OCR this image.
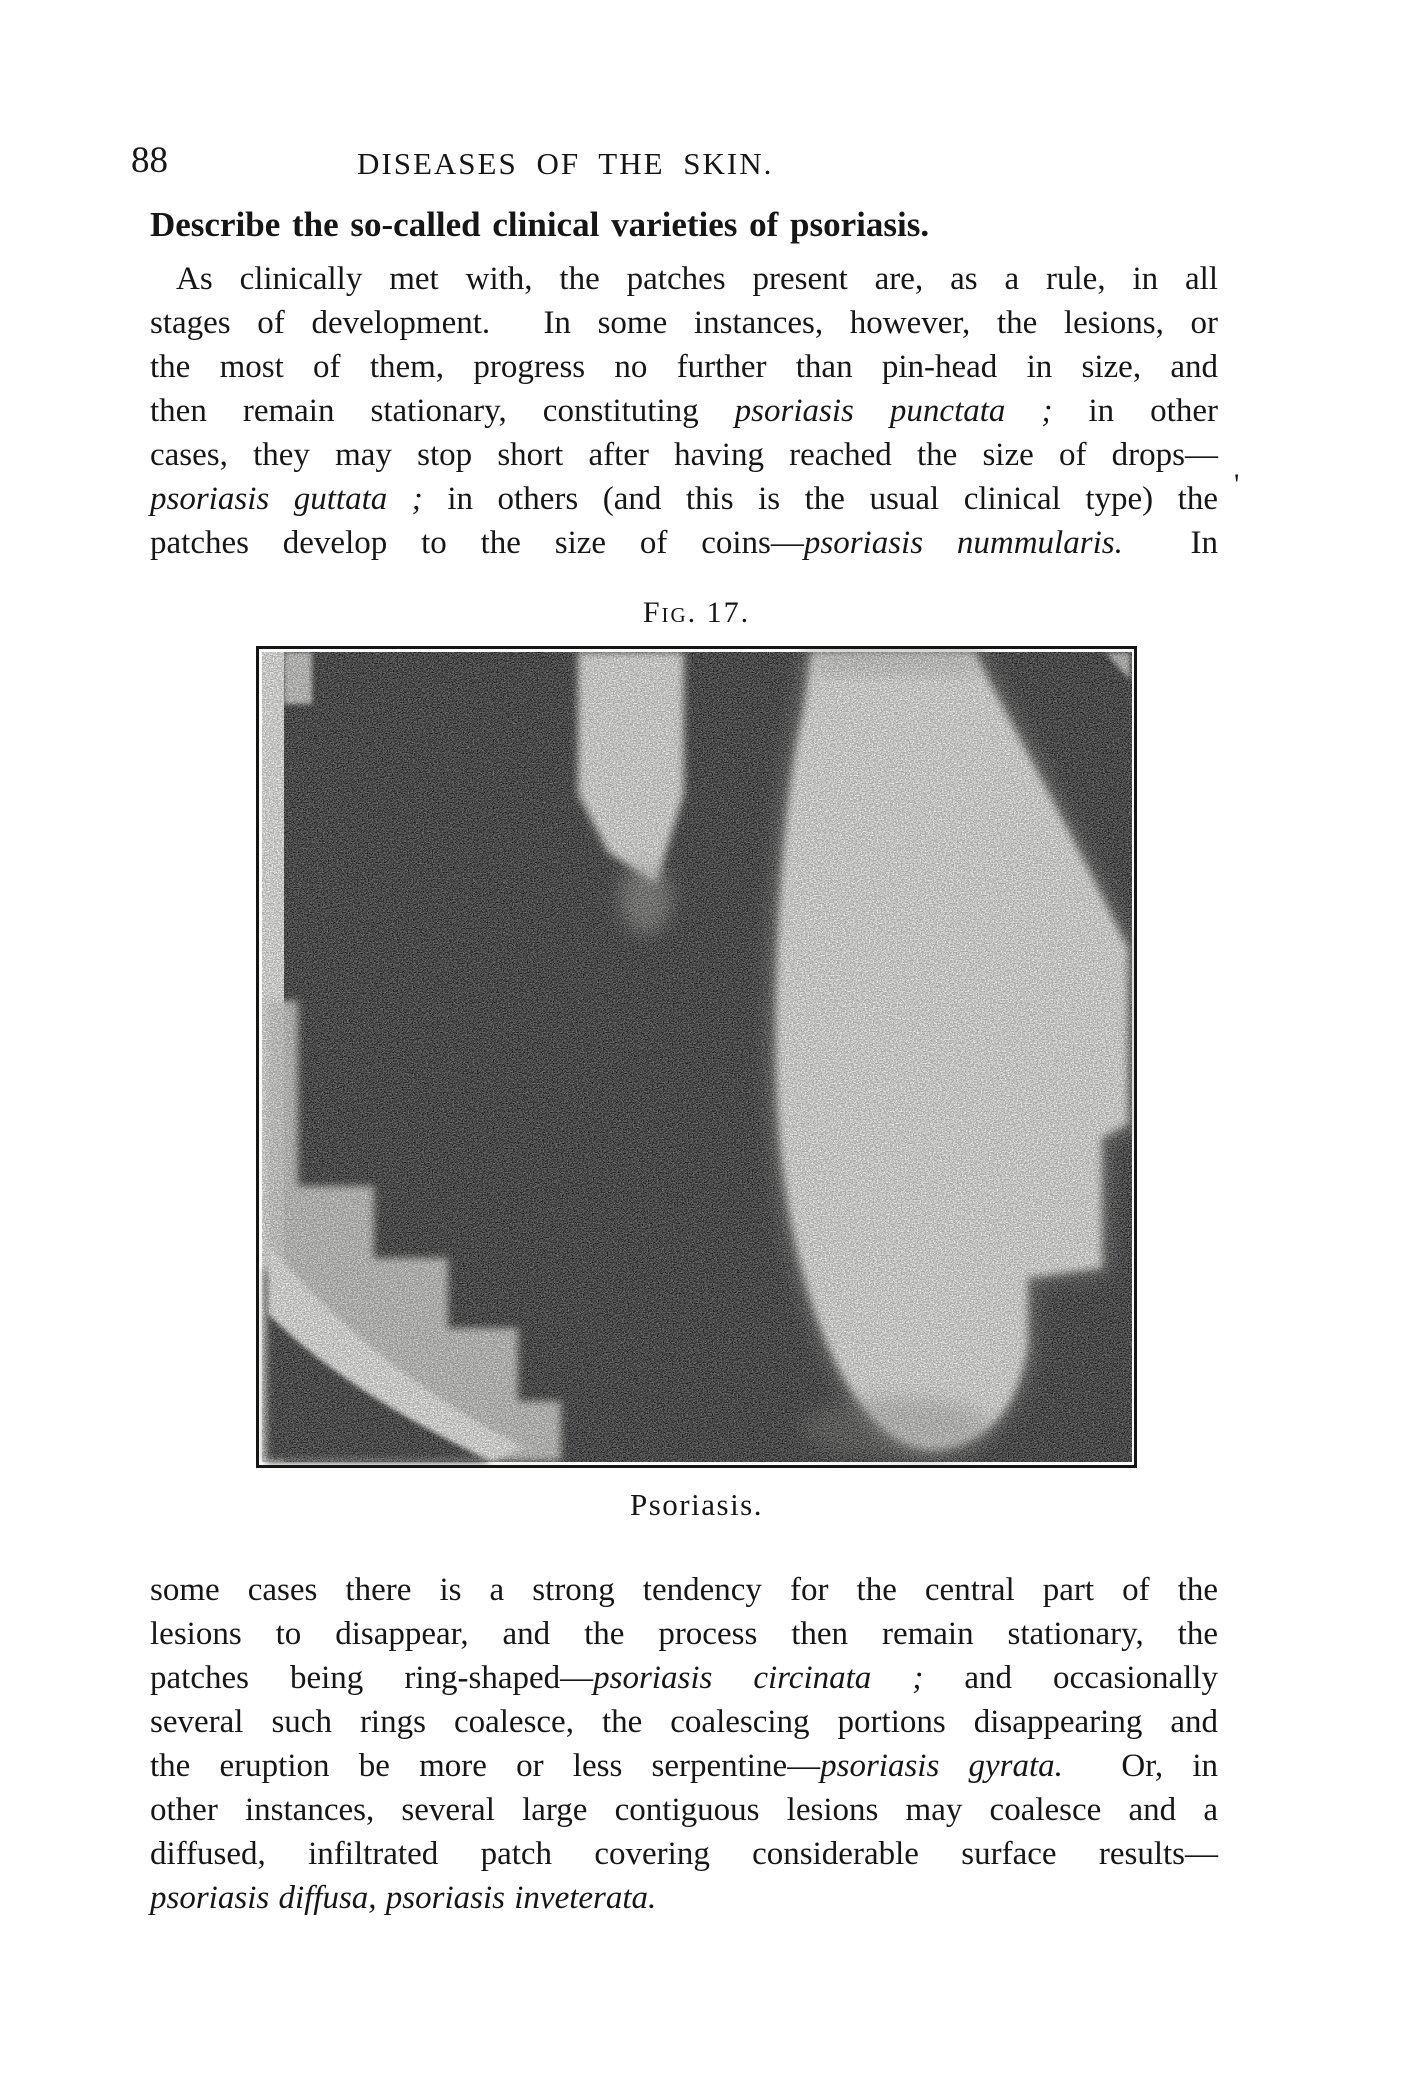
88	DISEASES OF THE SKIN.
Describe the so-called clinical varieties of psoriasis.
As clinically met with, the patches present are, as a rule, in all
stages of development.  In some instances, however, the lesions, or
the most of them, progress no further than pin-head in size, and
then remain stationary, constituting psoriasis punctata ; in other
cases, they may stop short after having reached the size of drops—
psoriasis guttata ; in others (and this is the usual clinical type) the
patches develop to the size of coins—psoriasis nummularis.  In
Fig. 17.
Psoriasis.
'
some cases there is a strong tendency for the central part of the
lesions to disappear, and the process then remain stationary, the
patches being ring-shaped—psoriasis circinata ; and occasionally
several such rings coalesce, the coalescing portions disappearing and
the eruption be more or less serpentine—psoriasis gyrata.  Or, in
other instances, several large contiguous lesions may coalesce and a
diffused, infiltrated patch covering considerable surface results—
psoriasis diffusa, psoriasis inveterata.
